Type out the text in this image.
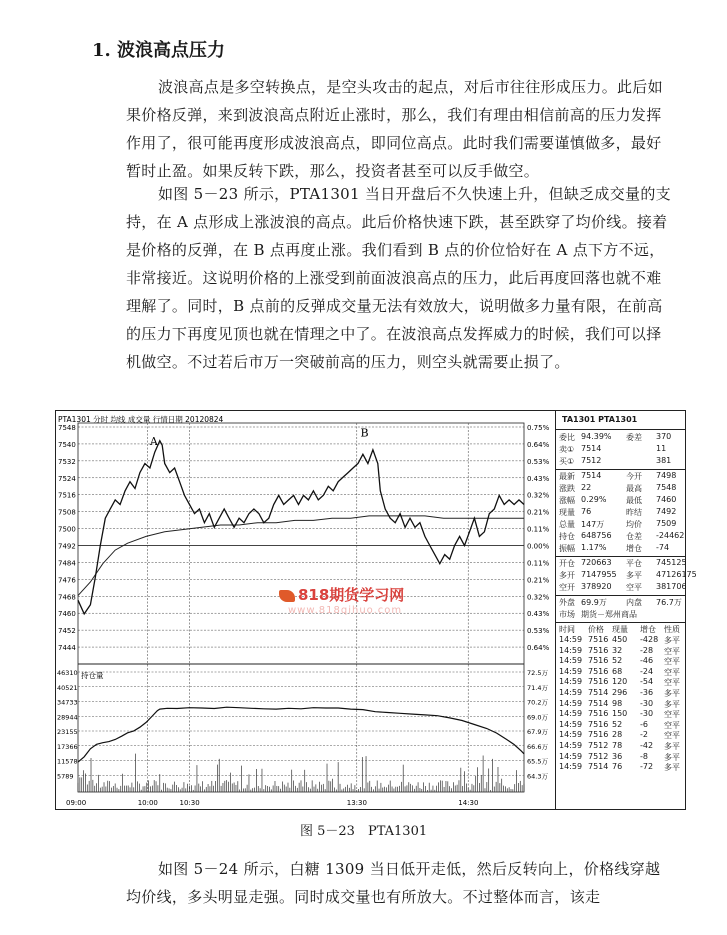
1. 波浪高点压力
波浪高点是多空转换点，是空头攻击的起点，对后市往往形成压力。此后如果价格反弹，来到波浪高点附近止涨时，那么，我们有理由相信前高的压力发挥作用了，很可能再度形成波浪高点，即同位高点。此时我们需要谨慎做多，最好暂时止盈。如果反转下跌，那么，投资者甚至可以反手做空。
如图 5－23 所示，PTA1301 当日开盘后不久快速上升，但缺乏成交量的支持，在 A 点形成上涨波浪的高点。此后价格快速下跌，甚至跌穿了均价线。接着是价格的反弹，在 B 点再度止涨。我们看到 B 点的价位恰好在 A 点下方不远，非常接近。这说明价格的上涨受到前面波浪高点的压力，此后再度回落也就不难理解了。同时，B 点前的反弹成交量无法有效放大，说明做多力量有限，在前高的压力下再度见顶也就在情理之中了。在波浪高点发挥威力的时候，我们可以择机做空。不过若后市万一突破前高的压力，则空头就需要止损了。
PTA1301 分时 均线 成交量 行情日期 20120824
7548	0.75%
7540	0.64%
7532	0.53%
7524	0.43%
7516	0.32%
7508	0.21%
7500	0.11%
7492	0.00%
7484	0.11%
7476	0.21%
7468	0.32%
7460	0.43%
7452	0.53%
7444	0.64%
46310	72.5万
40521	71.4万
34733	70.2万
28944	69.0万
23155	67.9万
17366	66.6万
11578	65.5万
5789	64.3万
持仓量
A
B
09:00	10:00	10:30	13:30	14:30
818期货学习网
www.818qihuo.com
TA1301 PTA1301
委比 94.39% 委差 370
卖① 7514	11
买① 7512	381
最新 7514	今开 7498
涨跌 22	最高 7548
涨幅 0.29% 最低 7460
现量 76	昨结 7492
总量 147万	均价 7509
持仓 648756 仓差 -24462
振幅 1.17% 增仓 -74
开仓 720663 平仓 745125
多开 7147955 多平 47126175
空开 378920 空平 381706
外盘 69.9万 内盘 76.7万
市场 期货－郑州商品
时间 价格 现量 增仓 性质
14:59 7516 450 -428 多平
14:59 7516 32 -28 空平
14:59 7516 52 -46 空平
14:59 7516 68 -24 空平
14:59 7516 120 -54 空平
14:59 7514 296 -36 多平
14:59 7514 98 -30 多平
14:59 7516 150 -30 空平
14:59 7516 52 -6 空平
14:59 7516 28 -2 空平
14:59 7512 78 -42 多平
14:59 7512 36 -8 多平
14:59 7514 76 -72 多平
图 5－23　PTA1301
如图 5－24 所示，白糖 1309 当日低开走低，然后反转向上，价格线穿越均价线，多头明显走强。同时成交量也有所放大。不过整体而言，该走
